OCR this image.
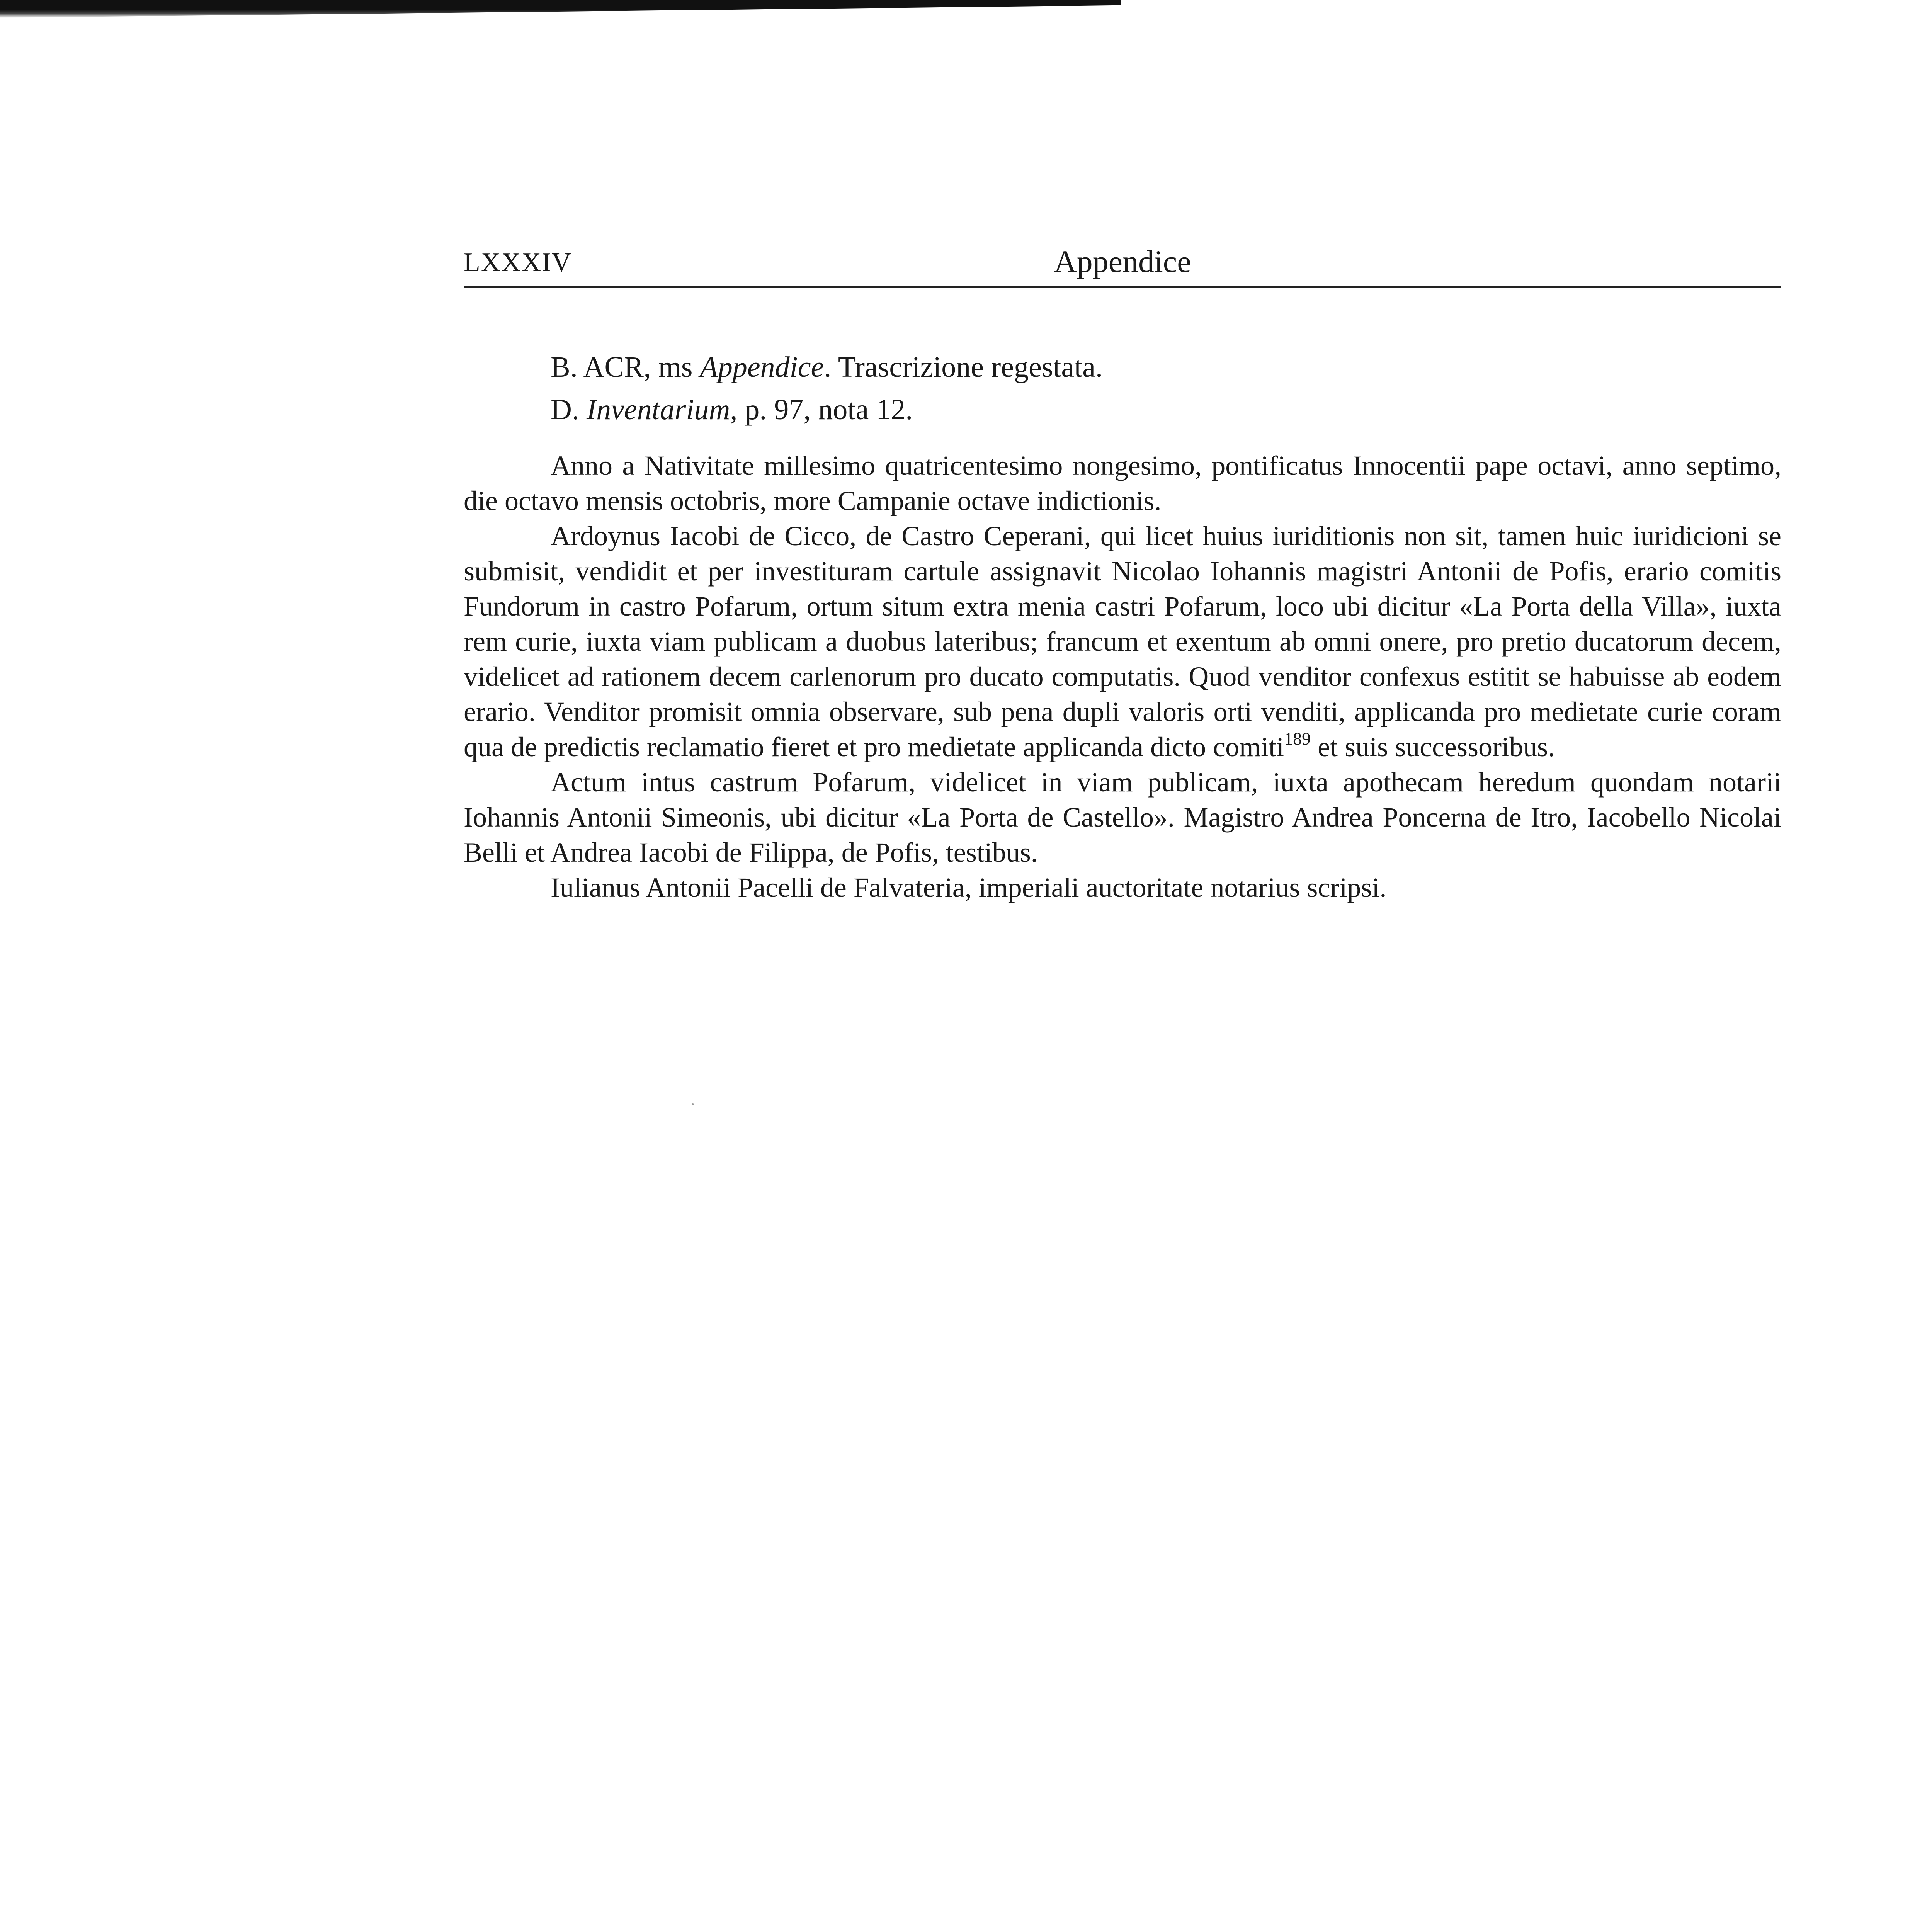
LXXXIV	Appendice

B. ACR, ms Appendice. Trascrizione regestata.

D. Inventarium, p. 97, nota 12.

Anno a Nativitate millesimo quatricentesimo nongesimo, pontificatus Innocentii pape octavi, anno septimo, die octavo mensis octobris, more Campanie octave indictionis.

Ardoynus Iacobi de Cicco, de Castro Ceperani, qui licet huius iuriditionis non sit, tamen huic iuridicioni se submisit, vendidit et per investituram cartule assignavit Nicolao Iohannis magistri Antonii de Pofis, erario comitis Fundorum in castro Pofarum, ortum situm extra menia castri Pofarum, loco ubi dicitur «La Porta della Villa», iuxta rem curie, iuxta viam publicam a duobus lateribus; francum et exentum ab omni onere, pro pretio ducatorum decem, videlicet ad rationem decem carlenorum pro ducato computatis. Quod venditor confexus estitit se habuisse ab eodem erario. Venditor promisit omnia observare, sub pena dupli valoris orti venditi, applicanda pro medietate curie coram qua de predictis reclamatio fieret et pro medietate applicanda dicto comiti$^{189}$ et suis successoribus.

Actum intus castrum Pofarum, videlicet in viam publicam, iuxta apothecam heredum quondam notarii Iohannis Antonii Simeonis, ubi dicitur «La Porta de Castello». Magistro Andrea Poncerna de Itro, Iacobello Nicolai Belli et Andrea Iacobi de Filippa, de Pofis, testibus.

Iulianus Antonii Pacelli de Falvateria, imperiali auctoritate notarius scripsi.
